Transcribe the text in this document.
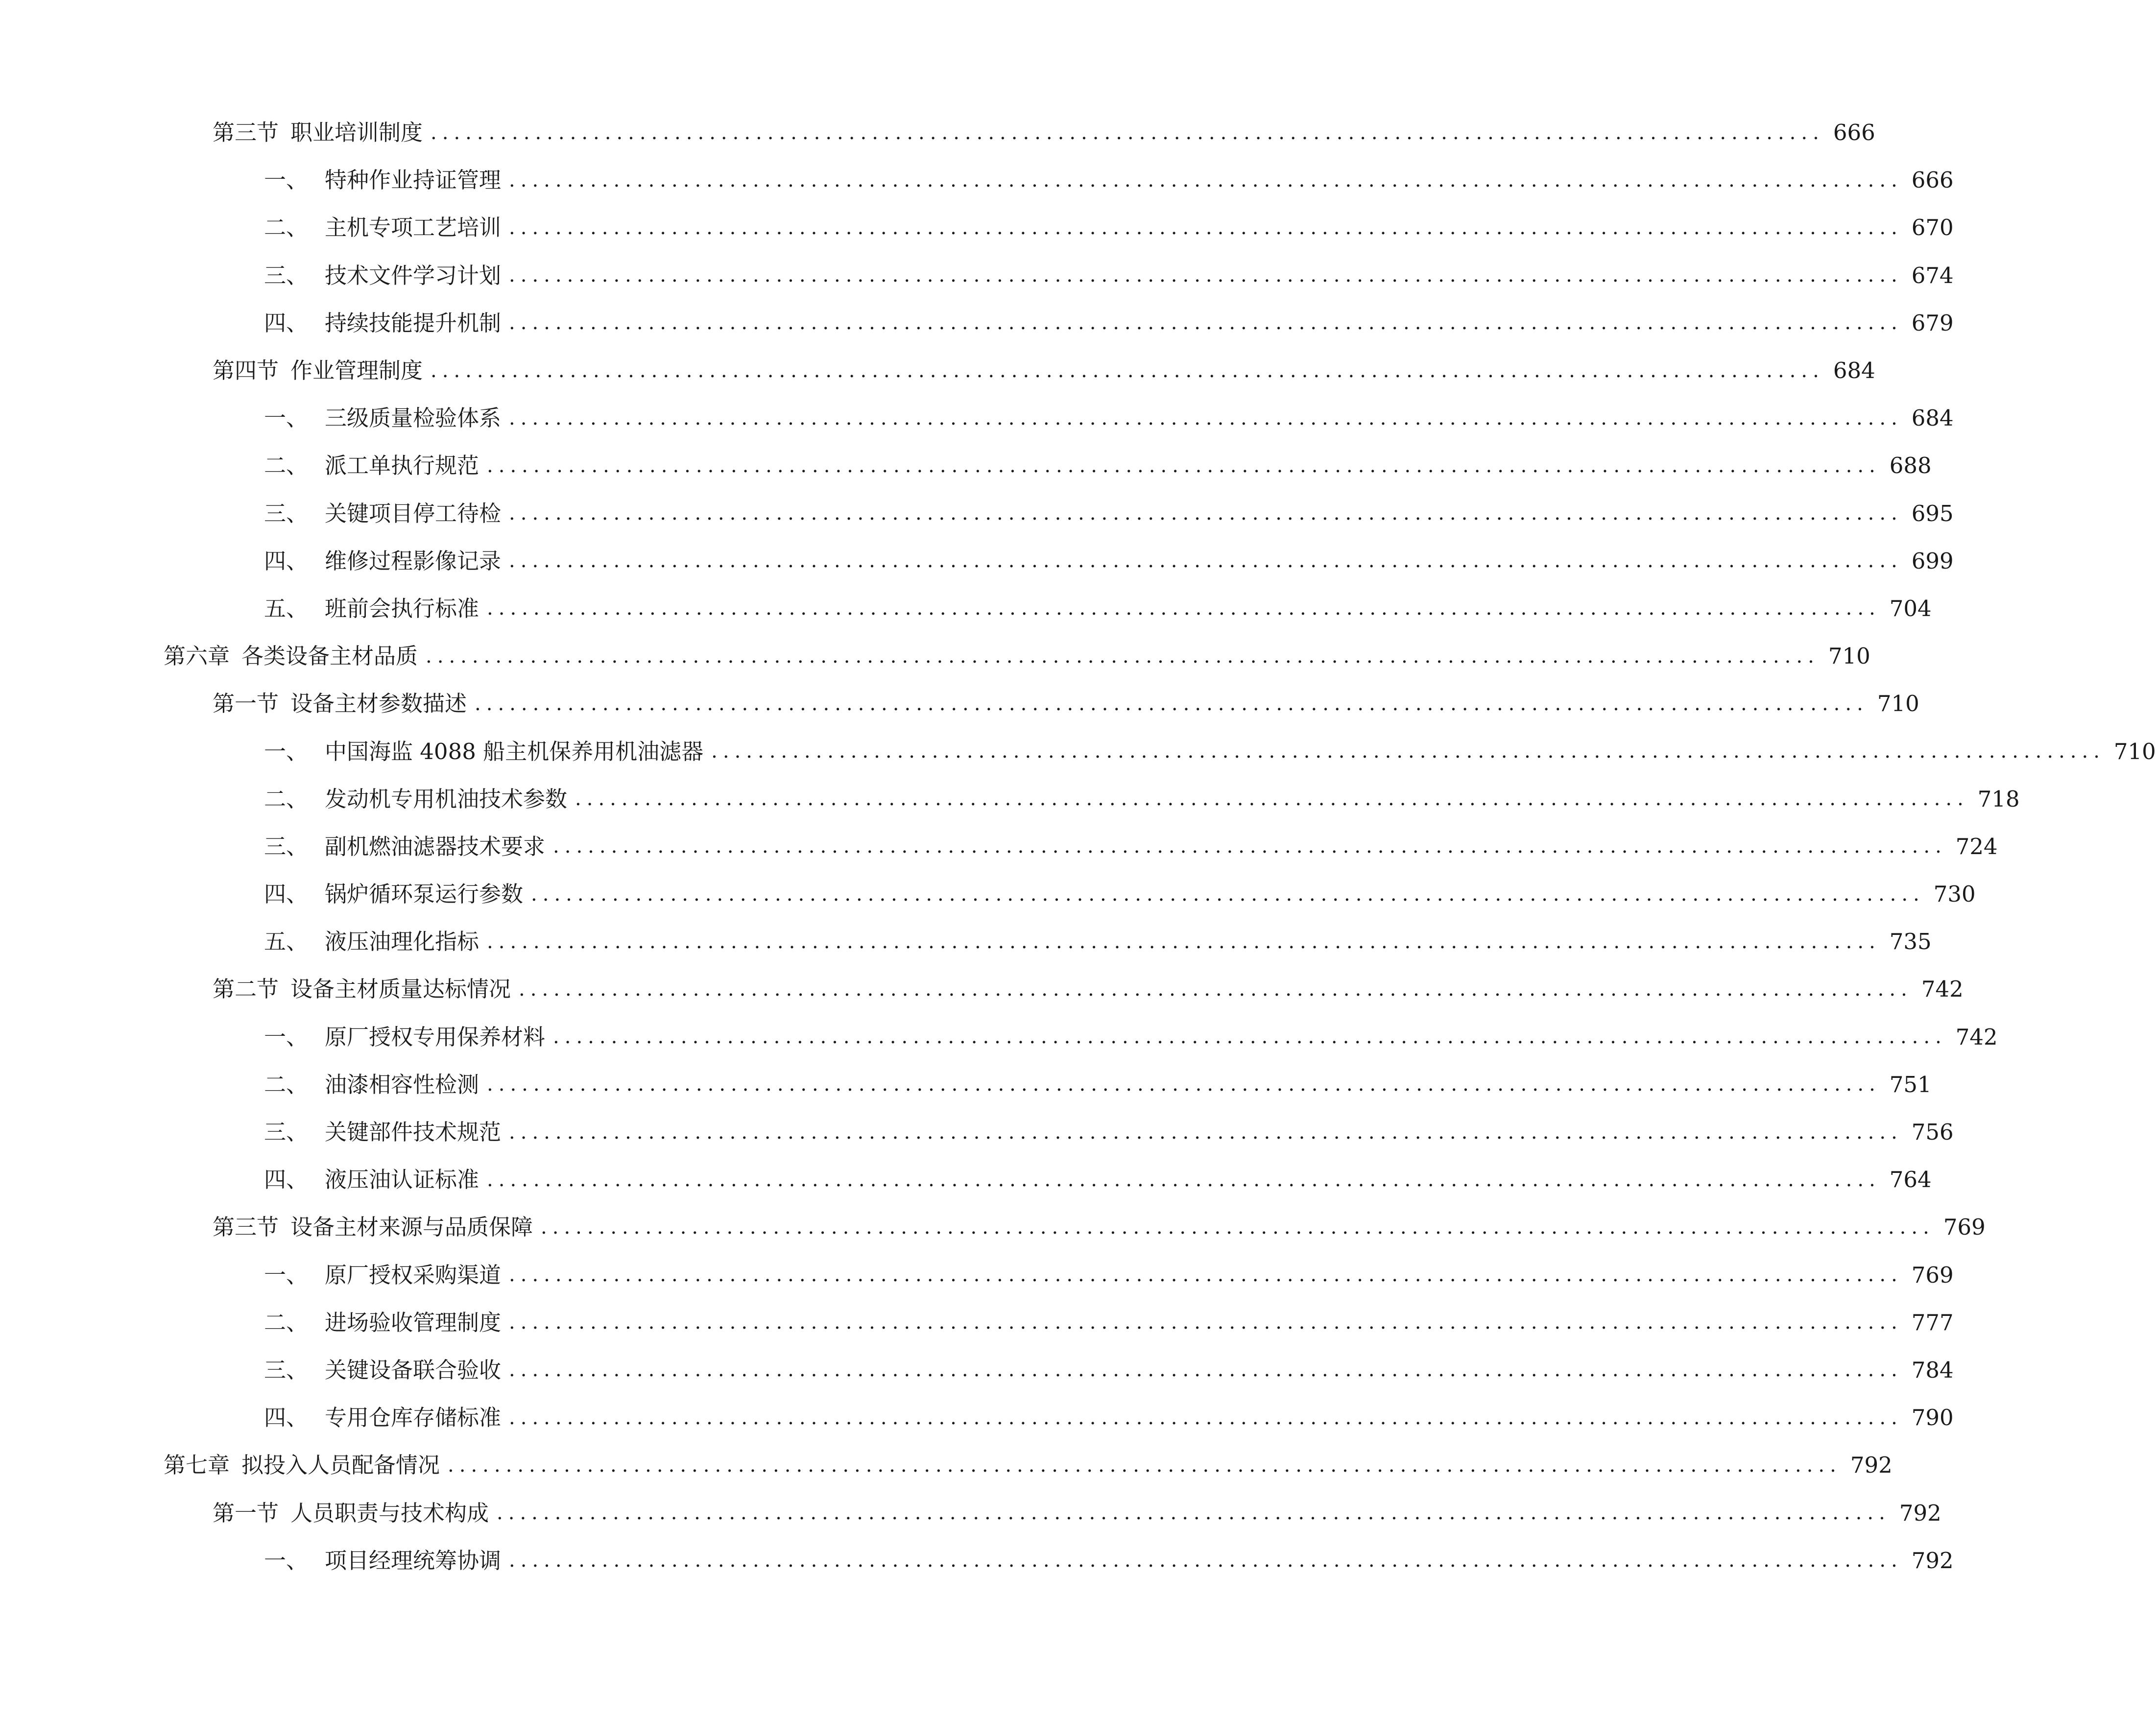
第三节 职业培训制度 ........................................................................................................................ 666
一、 特种作业持证管理 ........................................................................................................................ 666
二、 主机专项工艺培训 ........................................................................................................................ 670
三、 技术文件学习计划 ........................................................................................................................ 674
四、 持续技能提升机制 ........................................................................................................................ 679
第四节 作业管理制度 ........................................................................................................................ 684
一、 三级质量检验体系 ........................................................................................................................ 684
二、 派工单执行规范 ........................................................................................................................ 688
三、 关键项目停工待检 ........................................................................................................................ 695
四、 维修过程影像记录 ........................................................................................................................ 699
五、 班前会执行标准 ........................................................................................................................ 704
第六章 各类设备主材品质 ........................................................................................................................ 710
第一节 设备主材参数描述 ........................................................................................................................ 710
一、 中国海监 4088 船主机保养用机油滤器 ........................................................................................................................ 710
二、 发动机专用机油技术参数 ........................................................................................................................ 718
三、 副机燃油滤器技术要求 ........................................................................................................................ 724
四、 锅炉循环泵运行参数 ........................................................................................................................ 730
五、 液压油理化指标 ........................................................................................................................ 735
第二节 设备主材质量达标情况 ........................................................................................................................ 742
一、 原厂授权专用保养材料 ........................................................................................................................ 742
二、 油漆相容性检测 ........................................................................................................................ 751
三、 关键部件技术规范 ........................................................................................................................ 756
四、 液压油认证标准 ........................................................................................................................ 764
第三节 设备主材来源与品质保障 ........................................................................................................................ 769
一、 原厂授权采购渠道 ........................................................................................................................ 769
二、 进场验收管理制度 ........................................................................................................................ 777
三、 关键设备联合验收 ........................................................................................................................ 784
四、 专用仓库存储标准 ........................................................................................................................ 790
第七章 拟投入人员配备情况 ........................................................................................................................ 792
第一节 人员职责与技术构成 ........................................................................................................................ 792
一、 项目经理统筹协调 ........................................................................................................................ 792
